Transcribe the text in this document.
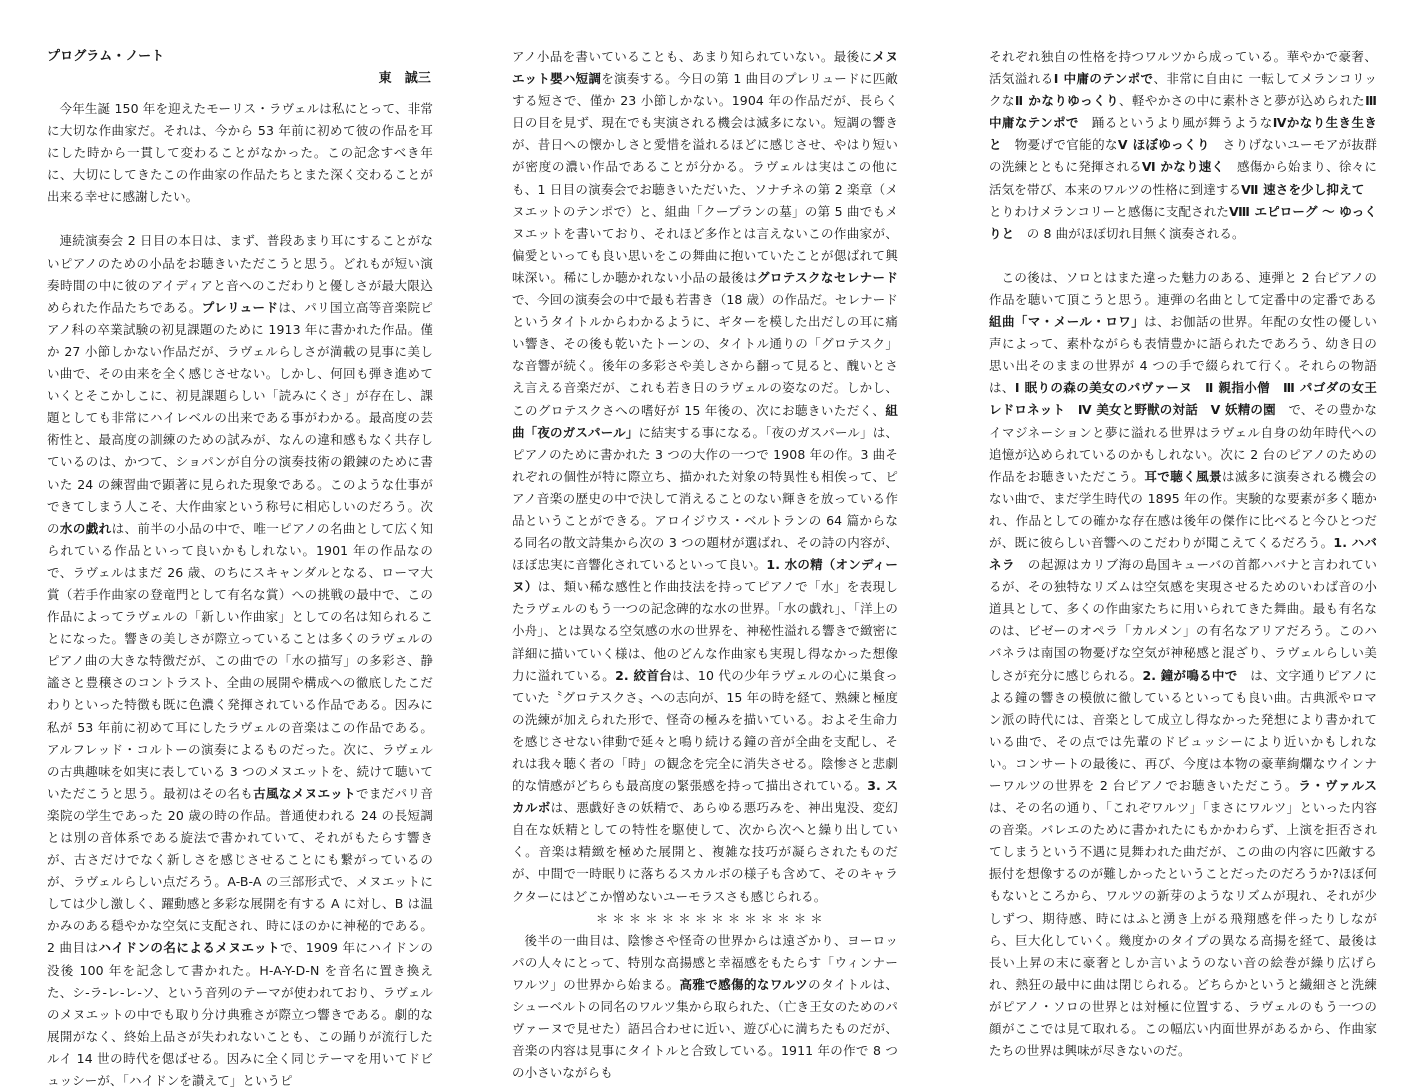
プログラム・ノート

東　誠三

今年生誕 150 年を迎えたモーリス・ラヴェルは私にとって、非常に大切な作曲家だ。それは、今から 53 年前に初めて彼の作品を耳にした時から一貫して変わることがなかった。この記念すべき年に、大切にしてきたこの作曲家の作品たちとまた深く交わることが出来る幸せに感謝したい。

連続演奏会 2 日目の本日は、まず、普段あまり耳にすることがないピアノのための小品をお聴きいただこうと思う。どれもが短い演奏時間の中に彼のアイディアと音へのこだわりと優しさが最大限込められた作品たちである。プレリュードは、パリ国立高等音楽院ピアノ科の卒業試験の初見課題のために 1913 年に書かれた作品。僅か 27 小節しかない作品だが、ラヴェルらしさが満載の見事に美しい曲で、その由来を全く感じさせない。しかし、何回も弾き進めていくとそこかしこに、初見課題らしい「読みにくさ」が存在し、課題としても非常にハイレベルの出来である事がわかる。最高度の芸術性と、最高度の訓練のための試みが、なんの違和感もなく共存しているのは、かつて、ショパンが自分の演奏技術の鍛錬のために書いた 24 の練習曲で顕著に見られた現象である。このような仕事ができてしまう人こそ、大作曲家という称号に相応しいのだろう。次の水の戯れは、前半の小品の中で、唯一ピアノの名曲として広く知られている作品といって良いかもしれない。1901 年の作品なので、ラヴェルはまだ 26 歳、のちにスキャンダルとなる、ローマ大賞（若手作曲家の登竜門として有名な賞）への挑戦の最中で、この作品によってラヴェルの「新しい作曲家」としての名は知られることになった。響きの美しさが際立っていることは多くのラヴェルのピアノ曲の大きな特徴だが、この曲での「水の描写」の多彩さ、静謐さと豊穣さのコントラスト、全曲の展開や構成への徹底したこだわりといった特徴も既に色濃く発揮されている作品である。因みに私が 53 年前に初めて耳にしたラヴェルの音楽はこの作品である。アルフレッド・コルトーの演奏によるものだった。次に、ラヴェルの古典趣味を如実に表している 3 つのメヌエットを、続けて聴いていただこうと思う。最初はその名も古風なメヌエットでまだパリ音楽院の学生であった 20 歳の時の作品。普通使われる 24 の長短調とは別の音体系である旋法で書かれていて、それがもたらす響きが、古さだけでなく新しさを感じさせることにも繋がっているのが、ラヴェルらしい点だろう。A-B-A の三部形式で、メヌエットにしては少し激しく、躍動感と多彩な展開を有する A に対し、B は温かみのある穏やかな空気に支配され、時にほのかに神秘的である。2 曲目はハイドンの名によるメヌエットで、1909 年にハイドンの没後 100 年を記念して書かれた。H-A-Y-D-N を音名に置き換えた、シ-ラ-レ-レ-ソ、という音列のテーマが使われており、ラヴェルのメヌエットの中でも取り分け典雅さが際立つ響きである。劇的な展開がなく、終始上品さが失われないことも、この踊りが流行したルイ 14 世の時代を偲ばせる。因みに全く同じテーマを用いてドビュッシーが、「ハイドンを讃えて」というピ

アノ小品を書いていることも、あまり知られていない。最後にメヌエット嬰ハ短調を演奏する。今日の第 1 曲目のプレリュードに匹敵する短さで、僅か 23 小節しかない。1904 年の作品だが、長らく日の目を見ず、現在でも実演される機会は滅多にない。短調の響きが、昔日への懐かしさと愛惜を溢れるほどに感じさせ、やはり短いが密度の濃い作品であることが分かる。ラヴェルは実はこの他にも、1 日目の演奏会でお聴きいただいた、ソナチネの第 2 楽章（メヌエットのテンポで）と、組曲「クープランの墓」の第 5 曲でもメヌエットを書いており、それほど多作とは言えないこの作曲家が、偏愛といっても良い思いをこの舞曲に抱いていたことが偲ばれて興味深い。稀にしか聴かれない小品の最後はグロテスクなセレナードで、今回の演奏会の中で最も若書き（18 歳）の作品だ。セレナードというタイトルからわかるように、ギターを模した出だしの耳に痛い響き、その後も乾いたトーンの、タイトル通りの「グロテスク」な音響が続く。後年の多彩さや美しさから翻って見ると、醜いとさえ言える音楽だが、これも若き日のラヴェルの姿なのだ。しかし、このグロテスクさへの嗜好が 15 年後の、次にお聴きいただく、組曲「夜のガスパール」に結実する事になる。「夜のガスパール」は、ピアノのために書かれた 3 つの大作の一つで 1908 年の作。3 曲それぞれの個性が特に際立ち、描かれた対象の特異性も相俟って、ピアノ音楽の歴史の中で決して消えることのない輝きを放っている作品ということができる。アロイジウス・ベルトランの 64 篇からなる同名の散文詩集から次の 3 つの題材が選ばれ、その詩の内容が、ほぼ忠実に音響化されているといって良い。1. 水の精（オンディーヌ）は、類い稀な感性と作曲技法を持ってピアノで「水」を表現したラヴェルのもう一つの記念碑的な水の世界。「水の戯れ」、「洋上の小舟」、とは異なる空気感の水の世界を、神秘性溢れる響きで緻密に詳細に描いていく様は、他のどんな作曲家も実現し得なかった想像力に溢れている。2. 絞首台は、10 代の少年ラヴェルの心に巣食っていた〝グロテスクさ〟への志向が、15 年の時を経て、熟練と極度の洗練が加えられた形で、怪奇の極みを描いている。およそ生命力を感じさせない律動で延々と鳴り続ける鐘の音が全曲を支配し、それは我々聴く者の「時」の観念を完全に消失させる。陰惨さと悲劇的な情感がどちらも最高度の緊張感を持って描出されている。3. スカルボは、悪戯好きの妖精で、あらゆる悪巧みを、神出鬼没、変幻自在な妖精としての特性を駆使して、次から次へと繰り出していく。音楽は精緻を極めた展開と、複雑な技巧が凝らされたものだが、中間で一時眠りに落ちるスカルボの様子も含めて、そのキャラクターにはどこか憎めないユーモラスさも感じられる。

＊＊＊＊＊＊＊＊＊＊＊＊＊＊

後半の一曲目は、陰惨さや怪奇の世界からは遠ざかり、ヨーロッパの人々にとって、特別な高揚感と幸福感をもたらす「ウィンナーワルツ」の世界から始まる。高雅で感傷的なワルツのタイトルは、シューベルトの同名のワルツ集から取られた、（亡き王女のためのパヴァーヌで見せた）語呂合わせに近い、遊び心に満ちたものだが、音楽の内容は見事にタイトルと合致している。1911 年の作で 8 つの小さいながらも

それぞれ独自の性格を持つワルツから成っている。華やかで豪奢、活気溢れるⅠ 中庸のテンポで、非常に自由に 一転してメランコリックなⅡ かなりゆっくり、軽やかさの中に素朴さと夢が込められたⅢ 中庸なテンポで　踊るというより風が舞うようなⅣかなり生き生きと　物憂げで官能的なⅤ ほぼゆっくり　さりげないユーモアが抜群の洗練とともに発揮されるⅥ かなり速く　感傷から始まり、徐々に活気を帯び、本来のワルツの性格に到達するⅦ 速さを少し抑えて　とりわけメランコリーと感傷に支配されたⅧ エピローグ ～ ゆっくりと　の 8 曲がほぼ切れ目無く演奏される。

この後は、ソロとはまた違った魅力のある、連弾と 2 台ピアノの作品を聴いて頂こうと思う。連弾の名曲として定番中の定番である組曲「マ・メール・ロワ」は、お伽話の世界。年配の女性の優しい声によって、素朴ながらも表情豊かに語られたであろう、幼き日の思い出そのままの世界が 4 つの手で綴られて行く。それらの物語は、Ⅰ 眠りの森の美女のパヴァーヌ　Ⅱ 親指小僧　Ⅲ パゴダの女王レドロネット　Ⅳ 美女と野獣の対話　Ⅴ 妖精の園　で、その豊かなイマジネーションと夢に溢れる世界はラヴェル自身の幼年時代への追憶が込められているのかもしれない。次に 2 台のピアノのための作品をお聴きいただこう。耳で聴く風景は滅多に演奏される機会のない曲で、まだ学生時代の 1895 年の作。実験的な要素が多く聴かれ、作品としての確かな存在感は後年の傑作に比べると今ひとつだが、既に彼らしい音響へのこだわりが聞こえてくるだろう。1. ハバネラ　の起源はカリブ海の島国キューバの首都ハバナと言われているが、その独特なリズムは空気感を実現させるためのいわば音の小道具として、多くの作曲家たちに用いられてきた舞曲。最も有名なのは、ビゼーのオペラ「カルメン」の有名なアリアだろう。このハバネラは南国の物憂げな空気が神秘感と混ざり、ラヴェルらしい美しさが充分に感じられる。2. 鐘が鳴る中で　は、文字通りピアノによる鐘の響きの模倣に徹しているといっても良い曲。古典派やロマン派の時代には、音楽として成立し得なかった発想により書かれている曲で、その点では先輩のドビュッシーにより近いかもしれない。コンサートの最後に、再び、今度は本物の豪華絢爛なウインナーワルツの世界を 2 台ピアノでお聴きいただこう。ラ・ヴァルスは、その名の通り、「これぞワルツ」「まさにワルツ」といった内容の音楽。バレエのために書かれたにもかかわらず、上演を拒否されてしまうという不遇に見舞われた曲だが、この曲の内容に匹敵する振付を想像するのが難しかったということだったのだろうか?ほぼ何もないところから、ワルツの新芽のようなリズムが現れ、それが少しずつ、期待感、時にはふと湧き上がる飛翔感を伴ったりしながら、巨大化していく。幾度かのタイプの異なる高揚を経て、最後は長い上昇の末に豪奢としか言いようのない音の絵巻が繰り広げられ、熱狂の最中に曲は閉じられる。どちらかというと繊細さと洗練がピアノ・ソロの世界とは対極に位置する、ラヴェルのもう一つの顔がここでは見て取れる。この幅広い内面世界があるから、作曲家たちの世界は興味が尽きないのだ。
